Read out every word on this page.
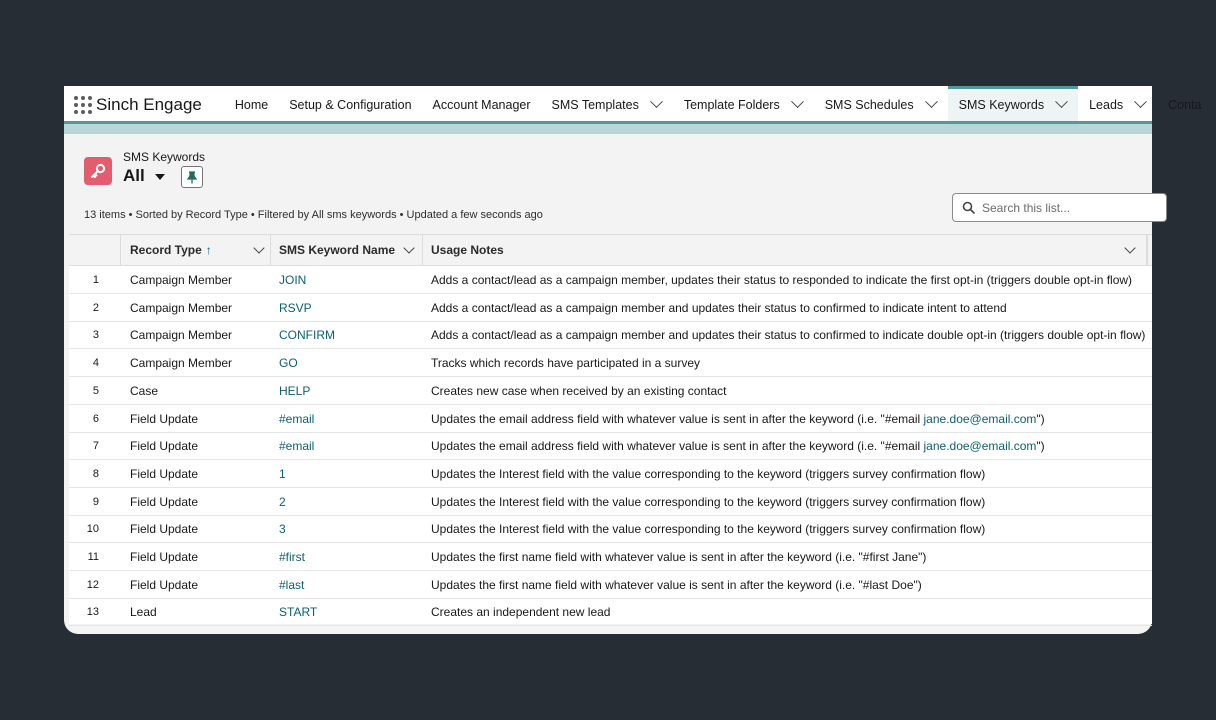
Sinch Engage	Home Setup & Configuration Account Manager SMS Templates	Template Folders	SMS Schedules	SMS Keywords	Leads	Conta
SMS Keywords
All
13 items • Sorted by Record Type • Filtered by All sms keywords • Updated a few seconds ago
Search this list...
Record Type ↑	SMS Keyword Name	Usage Notes
1	Campaign Member	JOIN	Adds a contact/lead as a campaign member, updates their status to responded to indicate the first opt-in (triggers double opt-in flow)
2	Campaign Member	RSVP	Adds a contact/lead as a campaign member and updates their status to confirmed to indicate intent to attend
3	Campaign Member	CONFIRM	Adds a contact/lead as a campaign member and updates their status to confirmed to indicate double opt-in (triggers double opt-in flow)
4	Campaign Member	GO	Tracks which records have participated in a survey
5	Case	HELP	Creates new case when received by an existing contact
6	Field Update	#email	Updates the email address field with whatever value is sent in after the keyword (i.e. "#email jane.doe@email.com")
7	Field Update	#email	Updates the email address field with whatever value is sent in after the keyword (i.e. "#email jane.doe@email.com")
8	Field Update	1	Updates the Interest field with the value corresponding to the keyword (triggers survey confirmation flow)
9	Field Update	2	Updates the Interest field with the value corresponding to the keyword (triggers survey confirmation flow)
10	Field Update	3	Updates the Interest field with the value corresponding to the keyword (triggers survey confirmation flow)
11	Field Update	#first	Updates the first name field with whatever value is sent in after the keyword (i.e. "#first Jane")
12	Field Update	#last	Updates the first name field with whatever value is sent in after the keyword (i.e. "#last Doe")
13	Lead	START	Creates an independent new lead
